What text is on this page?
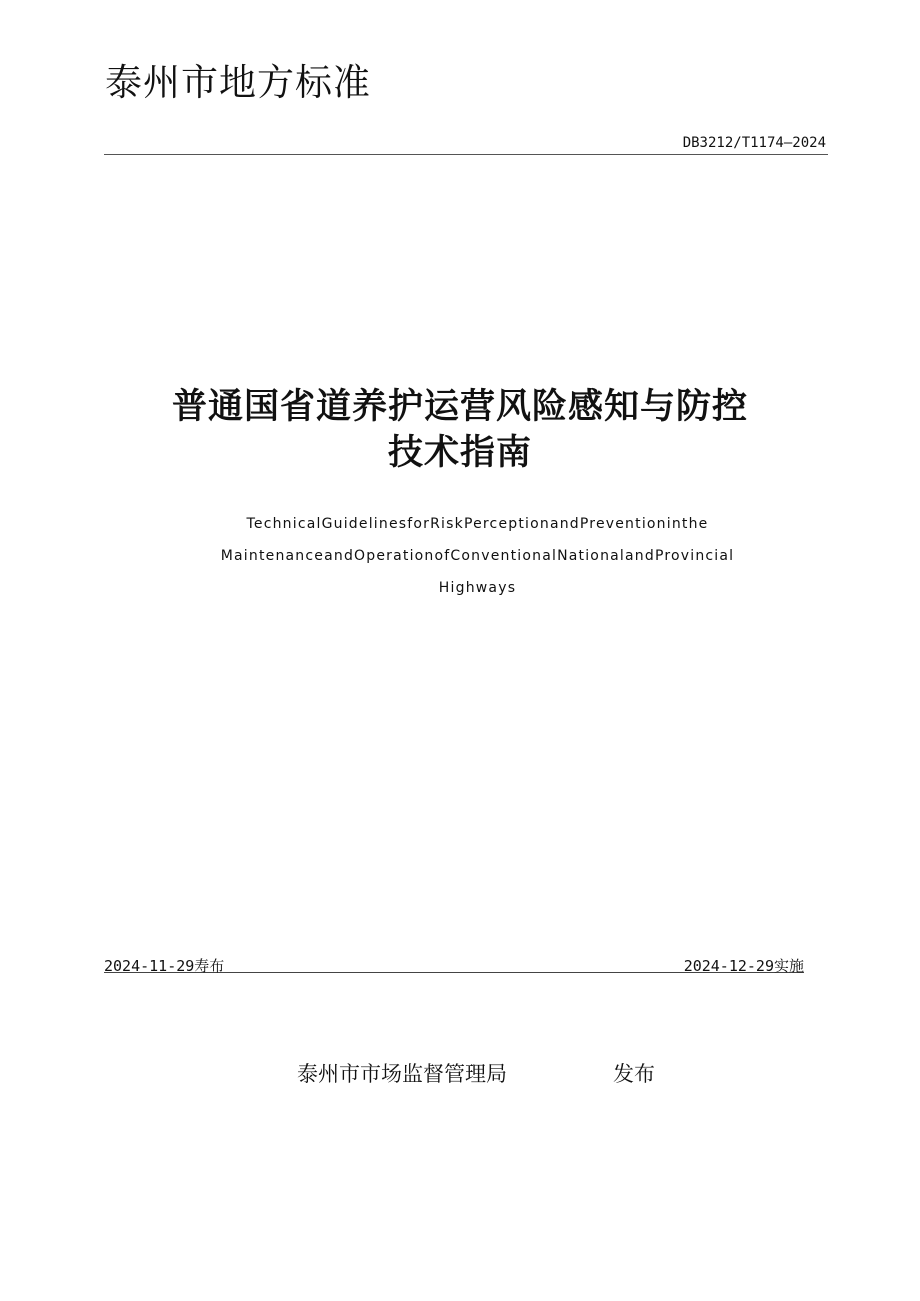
泰州市地方标准
DB3212/T1174—2024
普通国省道养护运营风险感知与防控
技术指南
TechnicalGuidelinesforRiskPerceptionandPreventioninthe
MaintenanceandOperationofConventionalNationalandProvincial
Highways
2024-11-29寿布	2024-12-29实施
泰州市市场监督管理局	发布
